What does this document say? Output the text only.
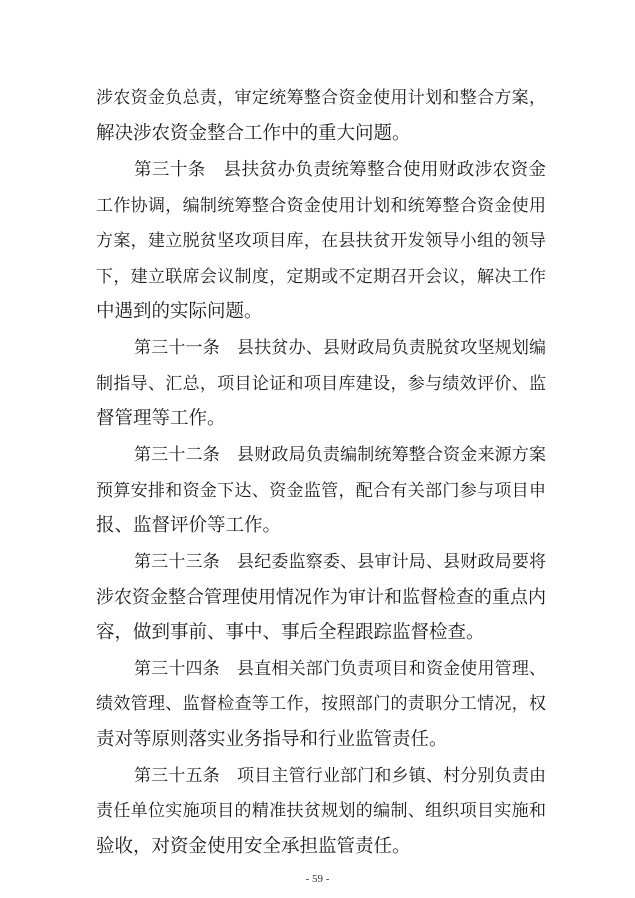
涉农资金负总责，审定统筹整合资金使用计划和整合方案，
解决涉农资金整合工作中的重大问题。
第三十条　县扶贫办负责统筹整合使用财政涉农资金
工作协调，编制统筹整合资金使用计划和统筹整合资金使用
方案，建立脱贫坚攻项目库，在县扶贫开发领导小组的领导
下，建立联席会议制度，定期或不定期召开会议，解决工作
中遇到的实际问题。
第三十一条　县扶贫办、县财政局负责脱贫攻坚规划编
制指导、汇总，项目论证和项目库建设，参与绩效评价、监
督管理等工作。
第三十二条　县财政局负责编制统筹整合资金来源方案
预算安排和资金下达、资金监管，配合有关部门参与项目申
报、监督评价等工作。
第三十三条　县纪委监察委、县审计局、县财政局要将
涉农资金整合管理使用情况作为审计和监督检查的重点内
容，做到事前、事中、事后全程跟踪监督检查。
第三十四条　县直相关部门负责项目和资金使用管理、
绩效管理、监督检查等工作，按照部门的责职分工情况，权
责对等原则落实业务指导和行业监管责任。
第三十五条　项目主管行业部门和乡镇、村分别负责由
责任单位实施项目的精准扶贫规划的编制、组织项目实施和
验收，对资金使用安全承担监管责任。
- 59 -
